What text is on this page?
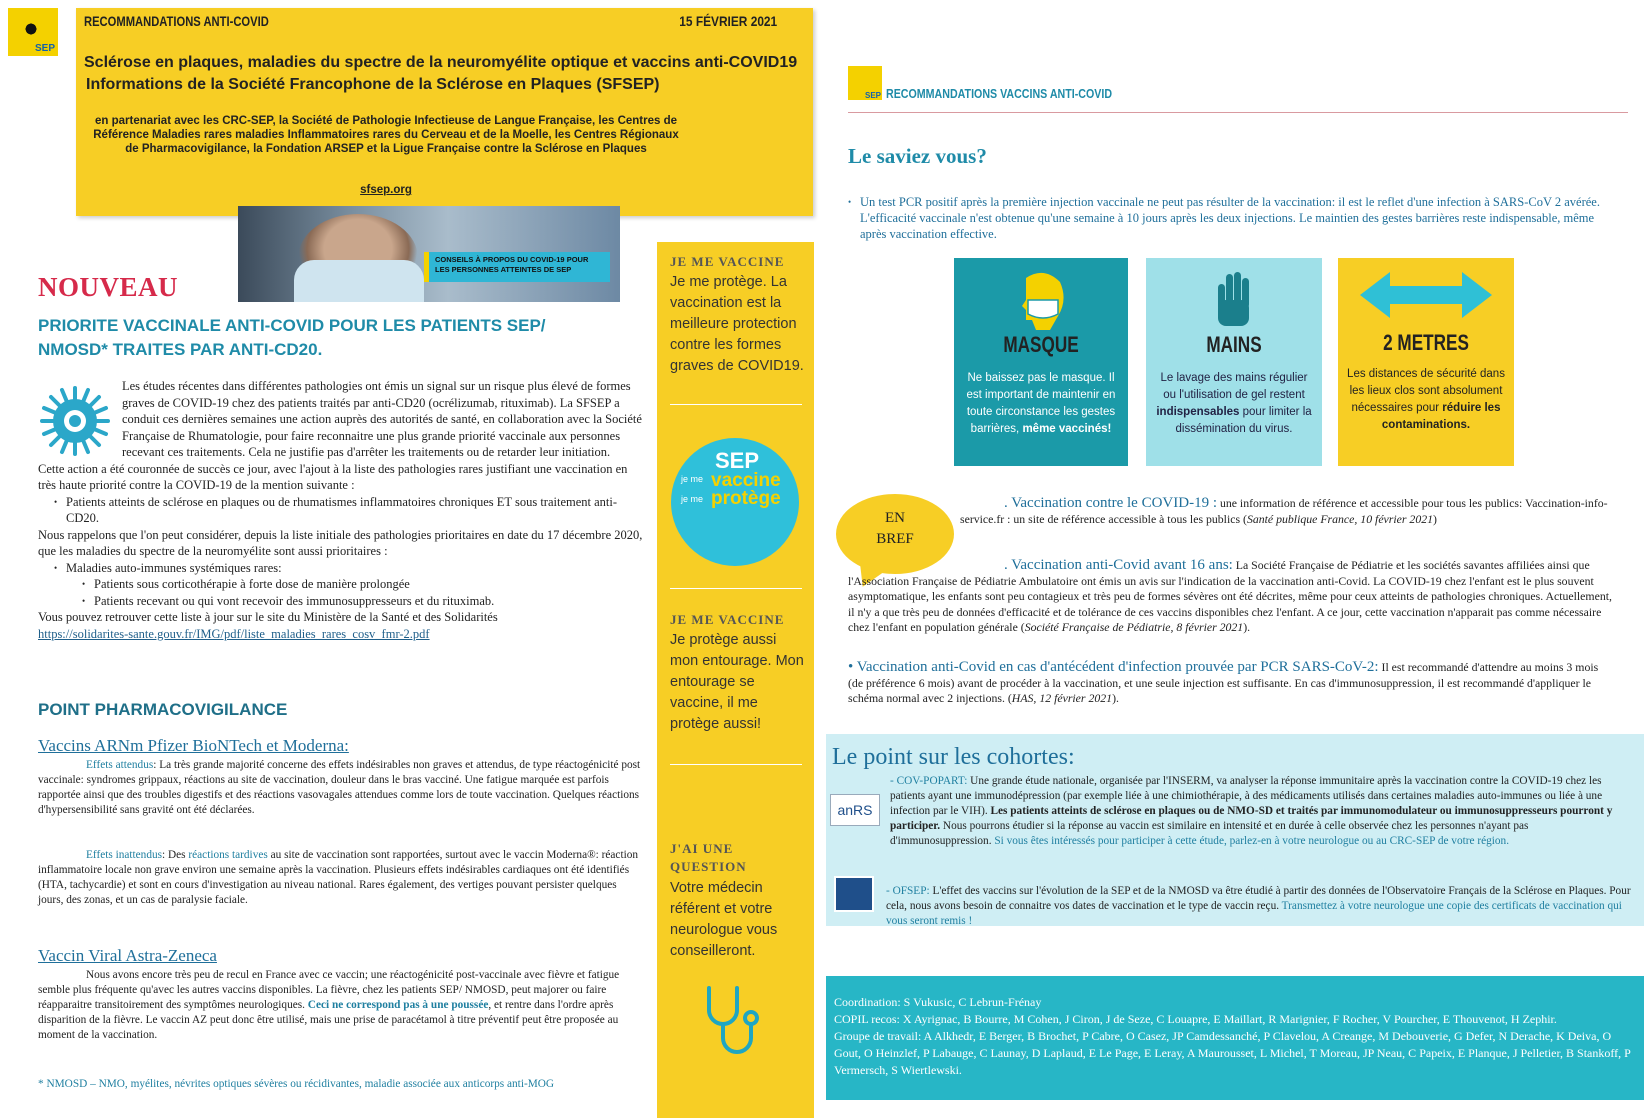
SEP
RECOMMANDATIONS ANTI-COVID	15 FÉVRIER 2021
Sclérose en plaques, maladies du spectre de la neuromyélite optique et vaccins anti-COVID19
Informations de la Société Francophone de la Sclérose en Plaques (SFSEP)
en partenariat avec les CRC-SEP, la Société de Pathologie Infectieuse de Langue Française, les Centres de Référence Maladies rares maladies Inflammatoires rares du Cerveau et de la Moelle, les Centres Régionaux de Pharmacovigilance, la Fondation ARSEP et la Ligue Française contre la Sclérose en Plaques
sfsep.org
CONSEILS À PROPOS DU COVID-19 POUR LES PERSONNES ATTEINTES DE SEP
NOUVEAU
PRIORITE VACCINALE ANTI-COVID POUR LES PATIENTS SEP/ NMOSD* TRAITES PAR ANTI-CD20.

Les études récentes dans différentes pathologies ont émis un signal sur un risque plus élevé de formes graves de COVID-19 chez des patients traités par anti-CD20 (ocrélizumab, rituximab). La SFSEP a conduit ces dernières semaines une action auprès des autorités de santé, en collaboration avec la Société Française de Rhumatologie, pour faire reconnaitre une plus grande priorité vaccinale aux personnes recevant ces traitements. Cela ne justifie pas d'arrêter les traitements ou de retarder leur initiation.

Cette action a été couronnée de succès ce jour, avec l'ajout à la liste des pathologies rares justifiant une vaccination en très haute priorité contre la COVID-19 de la mention suivante :

• Patients atteints de sclérose en plaques ou de rhumatismes inflammatoires chroniques ET sous traitement anti-CD20.

Nous rappelons que l'on peut considérer, depuis la liste initiale des pathologies prioritaires en date du 17 décembre 2020, que les maladies du spectre de la neuromyélite sont aussi prioritaires :

• Maladies auto-immunes systémiques rares:
• Patients sous corticothérapie à forte dose de manière prolongée
• Patients recevant ou qui vont recevoir des immunosuppresseurs et du rituximab.

Vous pouvez retrouver cette liste à jour sur le site du Ministère de la Santé et des Solidarités

https://solidarites-sante.gouv.fr/IMG/pdf/liste_maladies_rares_cosv_fmr-2.pdf

POINT PHARMACOVIGILANCE
Vaccins ARNm Pfizer BioNTech et Moderna:
Effets attendus: La très grande majorité concerne des effets indésirables non graves et attendus, de type réactogénicité post vaccinale: syndromes grippaux, réactions au site de vaccination, douleur dans le bras vacciné. Une fatigue marquée est parfois rapportée ainsi que des troubles digestifs et des réactions vasovagales attendues comme lors de toute vaccination. Quelques réactions d'hypersensibilité sans gravité ont été déclarées.
Effets inattendus: Des réactions tardives au site de vaccination sont rapportées, surtout avec le vaccin Moderna®: réaction inflammatoire locale non grave environ une semaine après la vaccination. Plusieurs effets indésirables cardiaques ont été identifiés (HTA, tachycardie) et sont en cours d'investigation au niveau national. Rares également, des vertiges pouvant persister quelques jours, des zonas, et un cas de paralysie faciale.
Vaccin Viral Astra-Zeneca
Nous avons encore très peu de recul en France avec ce vaccin; une réactogénicité post-vaccinale avec fièvre et fatigue semble plus fréquente qu'avec les autres vaccins disponibles. La fièvre, chez les patients SEP/ NMOSD, peut majorer ou faire réapparaitre transitoirement des symptômes neurologiques. Ceci ne correspond pas à une poussée, et rentre dans l'ordre après disparition de la fièvre. Le vaccin AZ peut donc être utilisé, mais une prise de paracétamol à titre préventif peut être proposée au moment de la vaccination.
* NMOSD – NMO, myélites, névrites optiques sévères ou récidivantes, maladie associée aux anticorps anti-MOG
JE ME VACCINE
Je me protège. La vaccination est la meilleure protection contre les formes graves de COVID19.
SEP
je me vaccine
je me protège
JE ME VACCINE
Je protège aussi mon entourage. Mon entourage se vaccine, il me protège aussi!
J'AI UNE QUESTION
Votre médecin référent et votre neurologue vous conseilleront.
SEP RECOMMANDATIONS VACCINS ANTI-COVID
Le saviez vous?
• Un test PCR positif après la première injection vaccinale ne peut pas résulter de la vaccination: il est le reflet d'une infection à SARS-CoV 2 avérée. L'efficacité vaccinale n'est obtenue qu'une semaine à 10 jours après les deux injections. Le maintien des gestes barrières reste indispensable, même après vaccination effective.
MASQUE
Ne baissez pas le masque. Il est important de maintenir en toute circonstance les gestes barrières, même vaccinés!
MAINS
Le lavage des mains régulier ou l'utilisation de gel restent indispensables pour limiter la dissémination du virus.
2 METRES
Les distances de sécurité dans les lieux clos sont absolument nécessaires pour réduire les contaminations.
EN
BREF
. Vaccination contre le COVID-19 : une information de référence et accessible pour tous les publics: Vaccination-info-service.fr : un site de référence accessible à tous les publics (Santé publique France, 10 février 2021)
. Vaccination anti-Covid avant 16 ans: La Société Française de Pédiatrie et les sociétés savantes affiliées ainsi que l'Association Française de Pédiatrie Ambulatoire ont émis un avis sur l'indication de la vaccination anti-Covid. La COVID-19 chez l'enfant est le plus souvent asymptomatique, les enfants sont peu contagieux et très peu de formes sévères ont été décrites, même pour ceux atteints de pathologies chroniques. Actuellement, il n'y a que très peu de données d'efficacité et de tolérance de ces vaccins disponibles chez l'enfant. A ce jour, cette vaccination n'apparait pas comme nécessaire chez l'enfant en population générale (Société Française de Pédiatrie, 8 février 2021).
• Vaccination anti-Covid en cas d'antécédent d'infection prouvée par PCR SARS-CoV-2: Il est recommandé d'attendre au moins 3 mois (de préférence 6 mois) avant de procéder à la vaccination, et une seule injection est suffisante. En cas d'immunosuppression, il est recommandé d'appliquer le schéma normal avec 2 injections. (HAS, 12 février 2021).
Le point sur les cohortes:
anRS
- COV-POPART: Une grande étude nationale, organisée par l'INSERM, va analyser la réponse immunitaire après la vaccination contre la COVID-19 chez les patients ayant une immunodépression (par exemple liée à une chimiothérapie, à des médicaments utilisés dans certaines maladies auto-immunes ou liée à une infection par le VIH). Les patients atteints de sclérose en plaques ou de NMO-SD et traités par immunomodulateur ou immunosuppresseurs pourront y participer. Nous pourrons étudier si la réponse au vaccin est similaire en intensité et en durée à celle observée chez les personnes n'ayant pas d'immunosuppression. Si vous êtes intéressés pour participer à cette étude, parlez-en à votre neurologue ou au CRC-SEP de votre région.
- OFSEP: L'effet des vaccins sur l'évolution de la SEP et de la NMOSD va être étudié à partir des données de l'Observatoire Français de la Sclérose en Plaques. Pour cela, nous avons besoin de connaitre vos dates de vaccination et le type de vaccin reçu. Transmettez à votre neurologue une copie des certificats de vaccination qui vous seront remis !
Coordination: S Vukusic, C Lebrun-Frénay
COPIL recos: X Ayrignac, B Bourre, M Cohen, J Ciron, J de Seze, C Louapre, E Maillart, R Marignier, F Rocher, V Pourcher, E Thouvenot, H Zephir.
Groupe de travail: A Alkhedr, E Berger, B Brochet, P Cabre, O Casez, JP Camdessanché, P Clavelou, A Creange, M Debouverie, G Defer, N Derache, K Deiva, O Gout, O Heinzlef, P Labauge, C Launay, D Laplaud, E Le Page, E Leray, A Maurousset, L Michel, T Moreau, JP Neau, C Papeix, E Planque, J Pelletier, B Stankoff, P Vermersch, S Wiertlewski.
